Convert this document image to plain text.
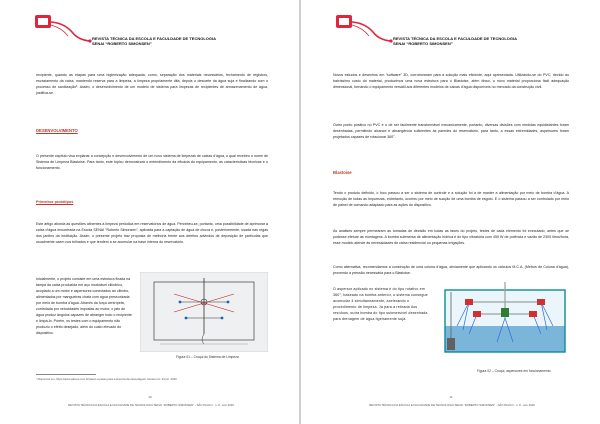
REVISTA TÉCNICA DA ESCOLA E FACULDADE DE TECNOLOGIA
SENAI “ROBERTO SIMONSEN”

recipiente, quando as etapas para uma higienização adequada, como, separação dos materiais necessários, fechamento de registros, esvaziamento da caixa, mantendo reserva para a limpeza, a limpeza propriamente dita, depois o descarte da água suja e finalizando com o processo de sanitização³. Assim, o desenvolvimento de um modelo de sistema para limpezas de recipientes de armazenamento de água, justifica-se.

DESENVOLVIMENTO

O presente capítulo visa explanar a concepção e desenvolvimento de um novo sistema de limpezas de caixas d’água, o qual recebeu o nome de Sistema de Limpeza Blastoise. Para tanto, este tópico demonstrará o entendimento da eficácia do equipamento, as características técnicas e o funcionamento.

Primeiros protótipos

Este artigo aborda as questões atinentes à limpeza periódica em reservatórios de água. Percebeu-se, portanto, uma possibilidade de aprimorar a caixa d’água encontrada na Escola SENAI “Roberto Simonsen”, aplicada para a captação de água de chuva e, posteriormente, usada nas regas dos jardins da instituição. Assim, o presente projeto traz proposta de melhoria frente aos detritos advindos de deposição de partículas que usualmente caem nos telhados e que tendem a se acumular na base interna do reservatório.

Inicialmente, o projeto consiste em uma estrutura fixada na tampa da caixa produzida em aço inoxidável cilíndrico, acoplado a um motor e aspersores conectados ao cilindro, alimentados por mangueiras chata com água pressurizada por meio de bomba d’água. Através da força centrípeta, controlada por velocidades impostas ao motor, o jato de água produz ângulos capazes de abranger todo o recipiente e limpá-lo. Porém, os testes com o equipamento não produziu o efeito desejado, além do custo elevado do dispositivo.

Figura 01 – Croqui do Sistema de Limpeza
³ Disponível em: https://www.sabesp.com.br/passo-a-passo-para-a-limpeza-da-caixa-dagua/. Acesso em: 04 jun. 2020.
10
REVISTA TÉCNICA DA ESCOLA E FACULDADE DE TECNOLOGIA SENAI “ROBERTO SIMONSEN” - SÃO PAULO - n. 8 - ano 2020
REVISTA TÉCNICA DA ESCOLA E FACULDADE DE TECNOLOGIA
SENAI “ROBERTO SIMONSEN”

Novos estudos e desenhos em “software” 3D, corroboraram para a solução mais eficiente, aqui apresentada. Utilizando-se do PVC, devido ao baixíssimo custo do material, produzimos uma nova estrutura para o Blastoise, além disso, o novo material proporciona fácil adequação dimensional, tornando o equipamento versátil aos diferentes modelos de caixas d’água disponíveis no mercado da construção civil.

Outro ponto positivo no PVC é o de ser facilmente transformável mecanicamente, portanto, diversas divisões com medidas equidistantes foram desenhadas, permitindo alcance e abrangência suficientes às paredes do reservatório, para tanto, a essas extremidades, aspersores foram projetados capazes de rotacionar 360°.

Blastoise

Tendo o produto definido, o foco passou a ser o sistema de controle e a solução foi a de manter a alimentação por meio de bomba d’água. A remoção de todas as impurezas, entretanto, ocorreu por meio de sucção de uma bomba de esgoto. E o sistema passou a ser controlado por meio de painel de comando adaptado para as ações do dispositivo.

As análises sempre permearam as tomadas de decisão em todas as fases do projeto, testes de cada elemento foi executado, antes que se pudesse efetuar as montagens. A bomba submersa de alimentação hídrica é do tipo vibratória com 450 W de potência e vazão de 2300 litros/hora, esse modelo atende às necessidades de caixa residencial ou pequenas irrigações.

Como alternativa, recomendamos a construção de uma coluna d’água, obviamente que aplicando os cálculos M.C.A. (Metros de Coluna d’água), provendo a pressão necessária para o Blastoise.

O aspersor aplicado no sistema é do tipo rotativo em 360°, baseado na bomba anterior, o sistema consegue acomodar 4 simultaneamente, acelerando o procedimento de limpeza. Já para a retirada dos resíduos, outra bomba do tipo submersível desenhada para drenagem de água ligeiramente suja.

Figura 02 – Croqui, aspersores em funcionamento.
11
REVISTA TÉCNICA DA ESCOLA E FACULDADE DE TECNOLOGIA SENAI “ROBERTO SIMONSEN” - SÃO PAULO - n. 8 - ano 2020
